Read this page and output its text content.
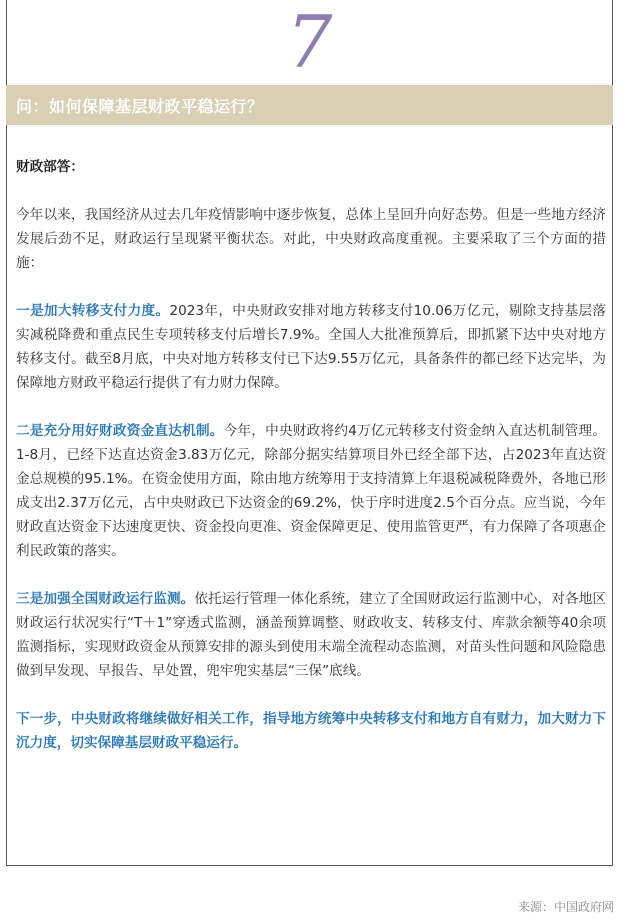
7
问：如何保障基层财政平稳运行？

财政部答：

今年以来，我国经济从过去几年疫情影响中逐步恢复，总体上呈回升向好态势。但是一些地方经济发展后劲不足，财政运行呈现紧平衡状态。对此，中央财政高度重视。主要采取了三个方面的措施：

一是加大转移支付力度。2023年，中央财政安排对地方转移支付10.06万亿元，剔除支持基层落实减税降费和重点民生专项转移支付后增长7.9%。全国人大批准预算后，即抓紧下达中央对地方转移支付。截至8月底，中央对地方转移支付已下达9.55万亿元，具备条件的都已经下达完毕，为保障地方财政平稳运行提供了有力财力保障。

二是充分用好财政资金直达机制。今年，中央财政将约4万亿元转移支付资金纳入直达机制管理。1-8月，已经下达直达资金3.83万亿元，除部分据实结算项目外已经全部下达，占2023年直达资金总规模的95.1%。在资金使用方面，除由地方统筹用于支持清算上年退税减税降费外，各地已形成支出2.37万亿元，占中央财政已下达资金的69.2%，快于序时进度2.5个百分点。应当说，今年财政直达资金下达速度更快、资金投向更准、资金保障更足、使用监管更严，有力保障了各项惠企利民政策的落实。

三是加强全国财政运行监测。依托运行管理一体化系统，建立了全国财政运行监测中心，对各地区财政运行状况实行“T＋1”穿透式监测，涵盖预算调整、财政收支、转移支付、库款余额等40余项监测指标，实现财政资金从预算安排的源头到使用末端全流程动态监测，对苗头性问题和风险隐患做到早发现、早报告、早处置，兜牢兜实基层“三保”底线。

下一步，中央财政将继续做好相关工作，指导地方统筹中央转移支付和地方自有财力，加大财力下沉力度，切实保障基层财政平稳运行。

来源：中国政府网
